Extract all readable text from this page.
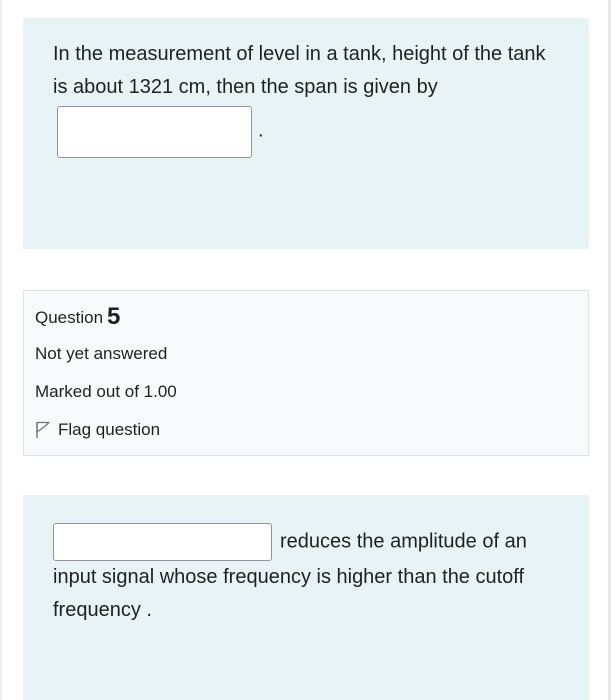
In the measurement of level in a tank, height of the tank is about 1321 cm, then the span is given by.

Question 5
Not yet answered
Marked out of 1.00
Flag question

reduces the amplitude of an input signal whose frequency is higher than the cutoff frequency .
